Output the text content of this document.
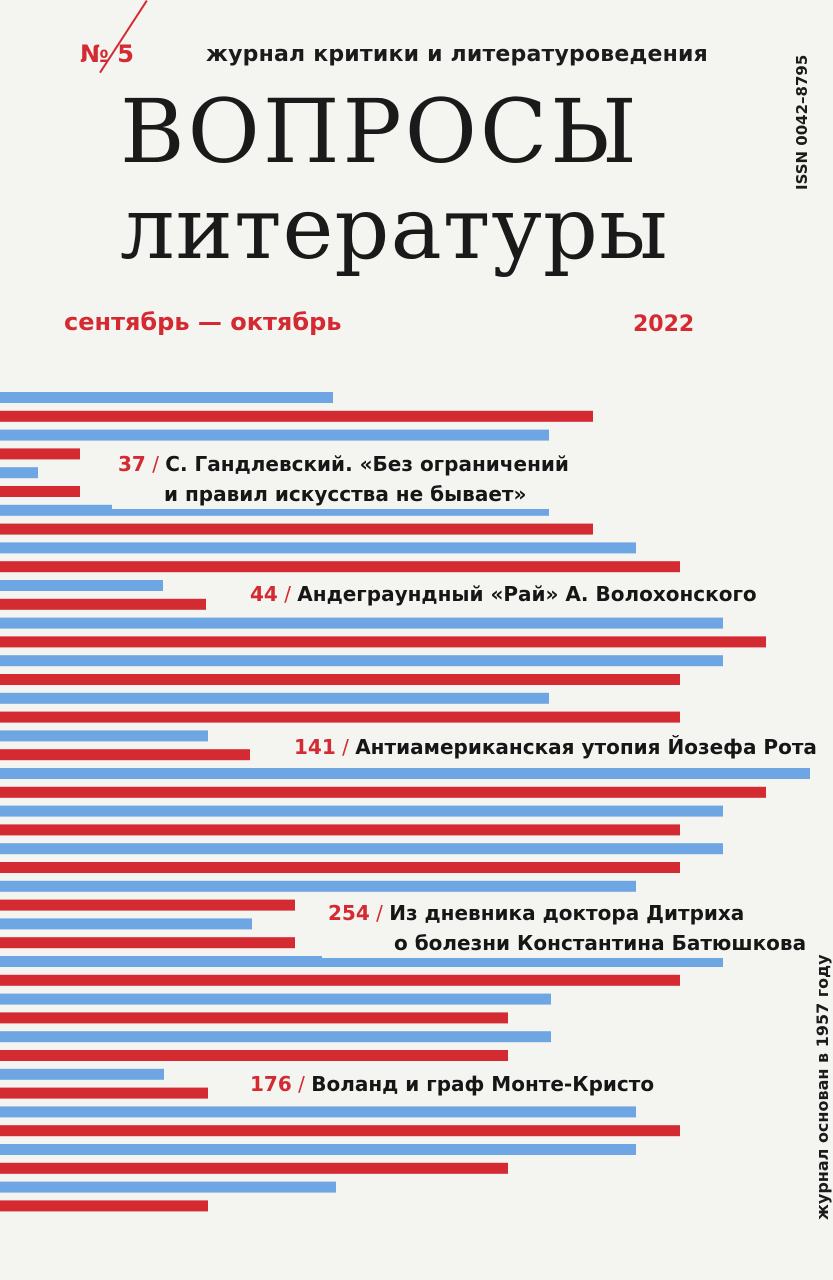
№ 5	журнал критики и литературоведения
ВОПРОСЫ
литературы
ISSN 0042–8795
сентябрь — октябрь	2022
37 / С. Гандлевский. «Без ограничений
и правил искусства не бывает»
44 / Андеграундный «Рай» А. Волохонского
141 / Антиамериканская утопия Йозефа Рота
254 / Из дневника доктора Дитриха
о болезни Константина Батюшкова
176 / Воланд и граф Монте-Кристо	журнал основан в 1957 году
